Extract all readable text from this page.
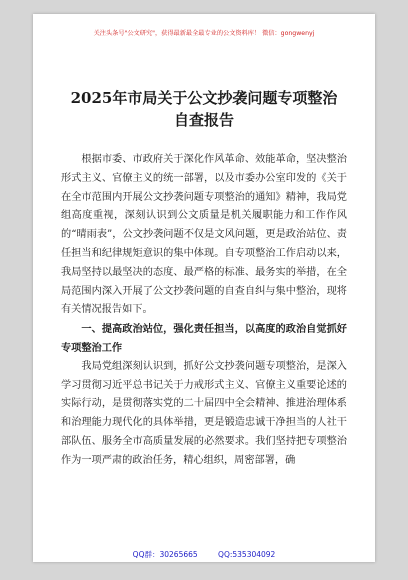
关注头条号"公文研究"，获得最新最全最专业的公文资料库！ 微信：gongwenyj
2025年市局关于公文抄袭问题专项整治
自查报告

根据市委、市政府关于深化作风革命、效能革命，坚决整治形式主义、官僚主义的统一部署，以及市委办公室印发的《关于在全市范围内开展公文抄袭问题专项整治的通知》精神，我局党组高度重视，深刻认识到公文质量是机关履职能力和工作作风的“晴雨表”，公文抄袭问题不仅是文风问题，更是政治站位、责任担当和纪律规矩意识的集中体现。自专项整治工作启动以来，我局坚持以最坚决的态度、最严格的标准、最务实的举措，在全局范围内深入开展了公文抄袭问题的自查自纠与集中整治，现将有关情况报告如下。

一、提高政治站位，强化责任担当，以高度的政治自觉抓好专项整治工作

我局党组深刻认识到，抓好公文抄袭问题专项整治，是深入学习贯彻习近平总书记关于力戒形式主义、官僚主义重要论述的实际行动，是贯彻落实党的二十届四中全会精神、推进治理体系和治理能力现代化的具体举措，更是锻造忠诚干净担当的人社干部队伍、服务全市高质量发展的必然要求。我们坚持把专项整治作为一项严肃的政治任务，精心组织，周密部署，确

QQ群：30265665	QQ:535304092
